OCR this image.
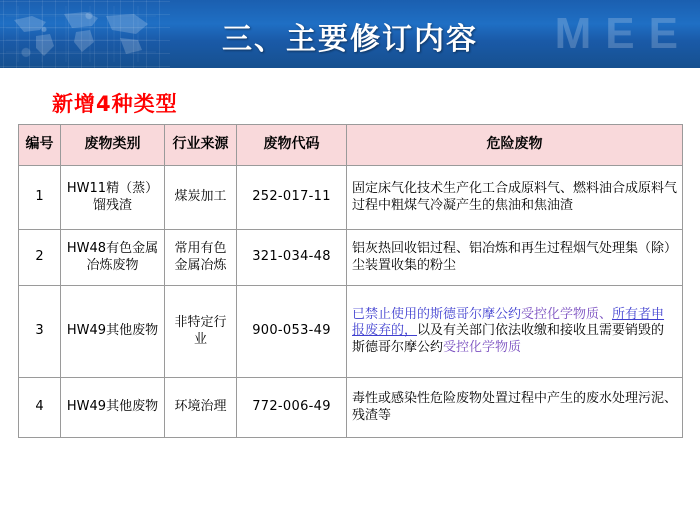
MEE
三、主要修订内容
新增4种类型
编号	废物类别	行业来源	废物代码	危险废物
1	HW11精（蒸）馏残渣	煤炭加工	252-017-11	固定床气化技术生产化工合成原料气、燃料油合成原料气过程中粗煤气冷凝产生的焦油和焦油渣
2	HW48有色金属冶炼废物	常用有色金属冶炼	321-034-48	铝灰热回收铝过程、铝冶炼和再生过程烟气处理集（除）尘装置收集的粉尘
3	HW49其他废物	非特定行业	900-053-49	已禁止使用的斯德哥尔摩公约受控化学物质、所有者申报废弃的，以及有关部门依法收缴和接收且需要销毁的斯德哥尔摩公约受控化学物质
4	HW49其他废物	环境治理	772-006-49	毒性或感染性危险废物处置过程中产生的废水处理污泥、残渣等
